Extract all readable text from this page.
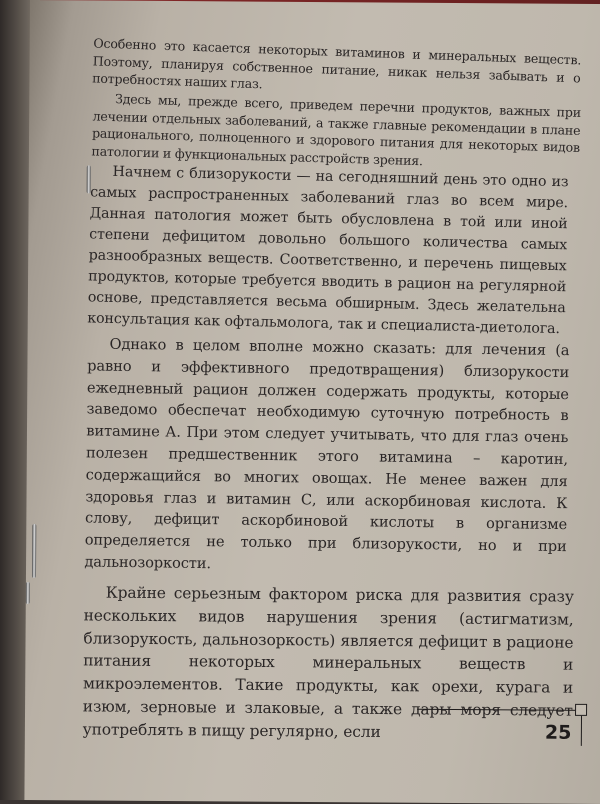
Особенно это касается некоторых витаминов и минеральных веществ. Поэтому, планируя собственное питание, никак нельзя забывать и о потребностях наших глаз.

Здесь мы, прежде всего, приведем перечни продуктов, важных при лечении отдельных заболеваний, а также главные рекомендации в плане рационального, полноценного и здорового питания для некоторых видов патологии и функциональных расстройств зрения.

Начнем с близорукости — на сегодняшний день это одно из самых распространенных заболеваний глаз во всем мире. Данная патология может быть обусловлена в той или иной степени дефицитом довольно большого количества самых разнообразных веществ. Соответственно, и перечень пищевых продуктов, которые требуется вводить в рацион на регулярной основе, представляется весьма обширным. Здесь желательна консультация как офтальмолога, так и специалиста-диетолога.

Однако в целом вполне можно сказать: для лечения (а равно и эффективного предотвращения) близорукости ежедневный рацион должен содержать продукты, которые заведомо обеспечат необходимую суточную потребность в витамине А. При этом следует учитывать, что для глаз очень полезен предшественник этого витамина – каротин, содержащийся во многих овощах. Не менее важен для здоровья глаз и витамин С, или аскорбиновая кислота. К слову, дефицит аскорбиновой кислоты в организме определяется не только при близорукости, но и при дальнозоркости.

Крайне серьезным фактором риска для развития сразу нескольких видов нарушения зрения (астигматизм, близорукость, дальнозоркость) является дефицит в рационе питания некоторых минеральных веществ и микроэлементов. Такие продукты, как орехи, курага и изюм, зерновые и злаковые, а также дары моря следует употреблять в пищу регулярно, если	25
